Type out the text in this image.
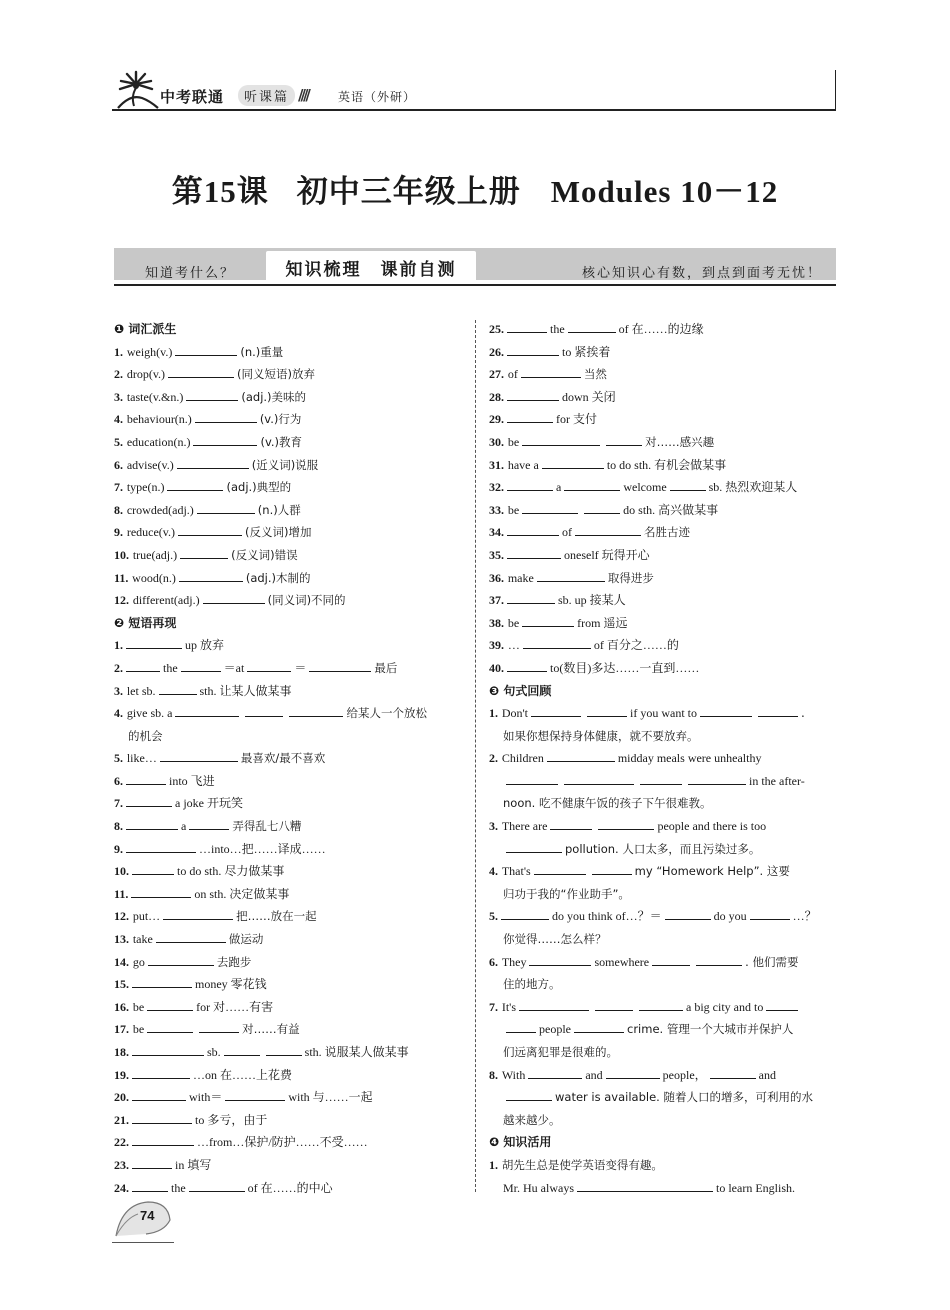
中考联通	听课篇 ////	英语（外研）
第15课 初中三年级上册 Modules 10－12
知道考什么？	知识梳理　课前自测	核心知识心有数，到点到面考无忧！
❶ 词汇派生
1. weigh(v.)	(n.)重量
2. drop(v.)	(同义短语)放弃
3. taste(v.&n.)	(adj.)美味的
4. behaviour(n.)	(v.)行为
5. education(n.)	(v.)教育
6. advise(v.)	(近义词)说服
7. type(n.)	(adj.)典型的
8. crowded(adj.)	(n.)人群
9. reduce(v.)	(反义词)增加
10. true(adj.)	(反义词)错误
11. wood(n.)	(adj.)木制的
12. different(adj.)	(同义词)不同的
❷ 短语再现
1.	up 放弃
2.	the	＝at	＝	最后
3. let sb.	sth. 让某人做某事
4. give sb. a	给某人一个放松
的机会
5. like…	最喜欢/最不喜欢
6.	into 飞进
7.	a joke 开玩笑
8.	a	弄得乱七八糟
9.	…into…把……译成……
10.	to do sth. 尽力做某事
11.	on sth. 决定做某事
12. put…	把……放在一起
13. take	做运动
14. go	去跑步
15.	money 零花钱
16. be	for 对……有害
17. be	对……有益
18.	sb.	sth. 说服某人做某事
19.	…on 在……上花费
20.	with＝	with 与……一起
21.	to 多亏，由于
22.	…from…保护/防护……不受……
23.	in 填写
24.	the	of 在……的中心
25.	the	of 在……的边缘
26.	to 紧挨着
27. of	当然
28.	down 关闭
29.	for 支付
30. be	对……感兴趣
31. have a	to do sth. 有机会做某事
32.	a	welcome	sb. 热烈欢迎某人
33. be	do sth. 高兴做某事
34.	of	名胜古迹
35.	oneself 玩得开心
36. make	取得进步
37.	sb. up 接某人
38. be	from 遥远
39. …	of 百分之……的
40.	to(数目)多达……一直到……
❸ 句式回顾
1. Don't	if you want to	.
如果你想保持身体健康，就不要放弃。
2. Children	midday meals were unhealthy
in the after-
noon. 吃不健康午饭的孩子下午很难教。
3. There are	people and there is too
pollution. 人口太多，而且污染过多。
4. That's	my “Homework Help”. 这要
归功于我的“作业助手”。
5.	do you think of…？＝	do you	…？
你觉得……怎么样？
6. They	somewhere	. 他们需要
住的地方。
7. It's	a big city and to
people	crime. 管理一个大城市并保护人
们远离犯罪是很难的。
8. With	and	people，	and
water is available. 随着人口的增多，可利用的水
越来越少。
❹ 知识活用
1. 胡先生总是使学英语变得有趣。
Mr. Hu always	to learn English.
74
